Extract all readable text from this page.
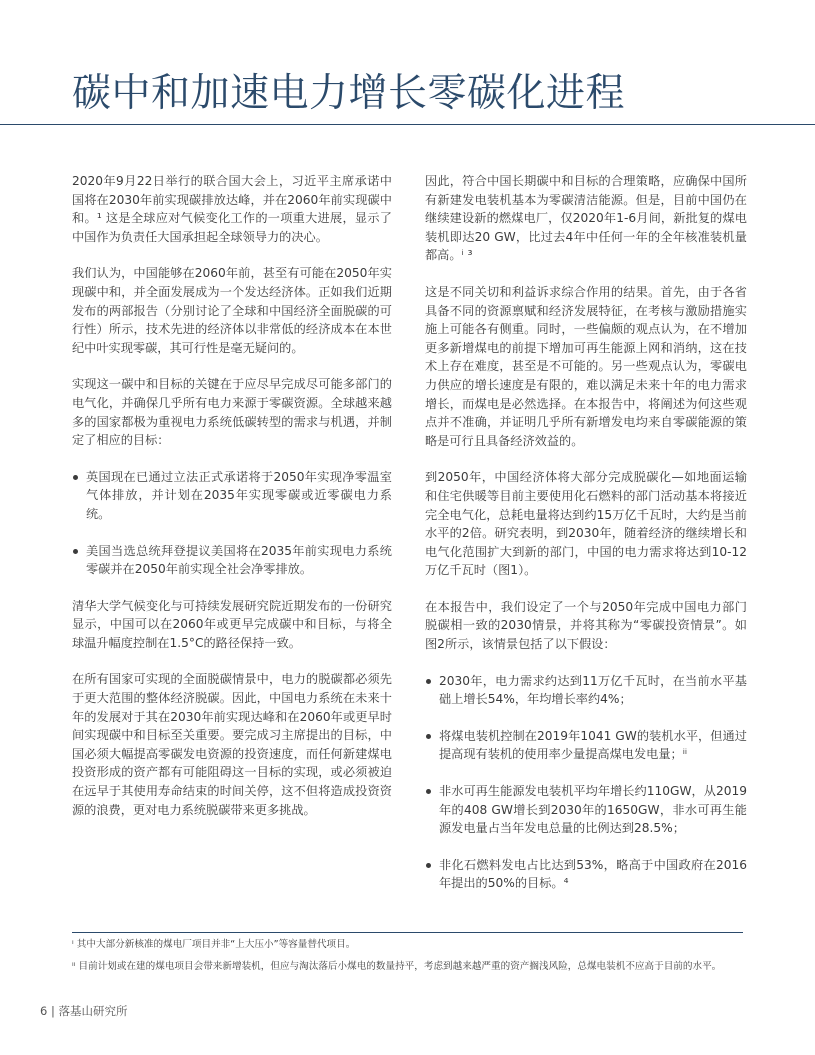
碳中和加速电力增长零碳化进程

2020年9月22日举行的联合国大会上，习近平主席承诺中国将在2030年前实现碳排放达峰，并在2060年前实现碳中和。¹ 这是全球应对气候变化工作的一项重大进展，显示了中国作为负责任大国承担起全球领导力的决心。

我们认为，中国能够在2060年前，甚至有可能在2050年实现碳中和，并全面发展成为一个发达经济体。正如我们近期发布的两部报告（分别讨论了全球和中国经济全面脱碳的可行性）所示，技术先进的经济体以非常低的经济成本在本世纪中叶实现零碳，其可行性是毫无疑问的。

实现这一碳中和目标的关键在于应尽早完成尽可能多部门的电气化，并确保几乎所有电力来源于零碳资源。全球越来越多的国家都极为重视电力系统低碳转型的需求与机遇，并制定了相应的目标：

英国现在已通过立法正式承诺将于2050年实现净零温室气体排放，并计划在2035年实现零碳或近零碳电力系统。
美国当选总统拜登提议美国将在2035年前实现电力系统零碳并在2050年前实现全社会净零排放。

清华大学气候变化与可持续发展研究院近期发布的一份研究显示，中国可以在2060年或更早完成碳中和目标，与将全球温升幅度控制在1.5°C的路径保持一致。

在所有国家可实现的全面脱碳情景中，电力的脱碳都必须先于更大范围的整体经济脱碳。因此，中国电力系统在未来十年的发展对于其在2030年前实现达峰和在2060年或更早时间实现碳中和目标至关重要。要完成习主席提出的目标，中国必须大幅提高零碳发电资源的投资速度，而任何新建煤电投资形成的资产都有可能阻碍这一目标的实现，或必须被迫在远早于其使用寿命结束的时间关停，这不但将造成投资资源的浪费，更对电力系统脱碳带来更多挑战。

因此，符合中国长期碳中和目标的合理策略，应确保中国所有新建发电装机基本为零碳清洁能源。但是，目前中国仍在继续建设新的燃煤电厂，仅2020年1-6月间，新批复的煤电装机即达20 GW，比过去4年中任何一年的全年核准装机量都高。ⁱ ³

这是不同关切和利益诉求综合作用的结果。首先，由于各省具备不同的资源禀赋和经济发展特征，在考核与激励措施实施上可能各有侧重。同时，一些偏颇的观点认为，在不增加更多新增煤电的前提下增加可再生能源上网和消纳，这在技术上存在难度，甚至是不可能的。另一些观点认为，零碳电力供应的增长速度是有限的，难以满足未来十年的电力需求增长，而煤电是必然选择。在本报告中，将阐述为何这些观点并不准确，并证明几乎所有新增发电均来自零碳能源的策略是可行且具备经济效益的。

到2050年，中国经济体将大部分完成脱碳化—如地面运输和住宅供暖等目前主要使用化石燃料的部门活动基本将接近完全电气化，总耗电量将达到约15万亿千瓦时，大约是当前水平的2倍。研究表明，到2030年，随着经济的继续增长和电气化范围扩大到新的部门，中国的电力需求将达到10-12万亿千瓦时（图1）。

在本报告中，我们设定了一个与2050年完成中国电力部门脱碳相一致的2030情景，并将其称为“零碳投资情景”。如图2所示，该情景包括了以下假设：

2030年，电力需求约达到11万亿千瓦时，在当前水平基础上增长54%，年均增长率约4%；
将煤电装机控制在2019年1041 GW的装机水平，但通过提高现有装机的使用率少量提高煤电发电量；ⁱⁱ
非水可再生能源发电装机平均年增长约110GW，从2019年的408 GW增长到2030年的1650GW，非水可再生能源发电量占当年发电总量的比例达到28.5%；
非化石燃料发电占比达到53%，略高于中国政府在2016年提出的50%的目标。⁴
ⁱ 其中大部分新核准的煤电厂项目并非“上大压小”等容量替代项目。
ⁱⁱ 目前计划或在建的煤电项目会带来新增装机，但应与淘汰落后小煤电的数量持平，考虑到越来越严重的资产搁浅风险，总煤电装机不应高于目前的水平。
6 | 落基山研究所
